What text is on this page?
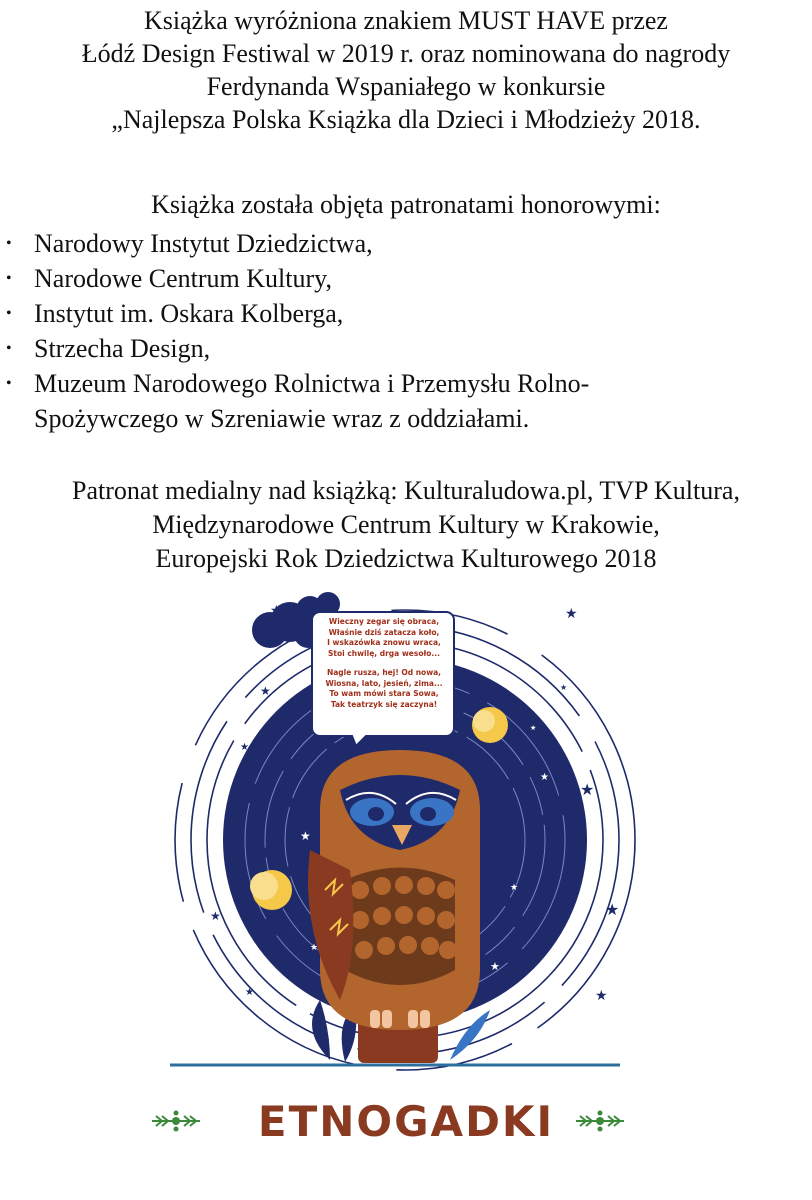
Książka wyróżniona znakiem MUST HAVE przez
Łódź Design Festiwal w 2019 r. oraz nominowana do nagrody
Ferdynanda Wspaniałego w konkursie
„Najlepsza Polska Książka dla Dzieci i Młodzieży 2018.
Książka została objęta patronatami honorowymi:
• Narodowy Instytut Dziedzictwa,
• Narodowe Centrum Kultury,
• Instytut im. Oskara Kolberga,
• Strzecha Design,
• Muzeum Narodowego Rolnictwa i Przemysłu Rolno-
Spożywczego w Szreniawie wraz z oddziałami.
Patronat medialny nad książką: Kulturaludowa.pl, TVP Kultura,
Międzynarodowe Centrum Kultury w Krakowie,
Europejski Rok Dziedzictwa Kulturowego 2018
★	★
★
★
★
★
★
★
★
★
★
★
★
★
★
★
Wieczny zegar się obraca,
Właśnie dziś zatacza koło,
I wskazówka znowu wraca,
Stoi chwilę, drga wesoło...
Nagle rusza, hej! Od nowa,
Wiosna, lato, jesień, zima...
To wam mówi stara Sowa,
Tak teatrzyk się zaczyna!
ETNOGADKI
